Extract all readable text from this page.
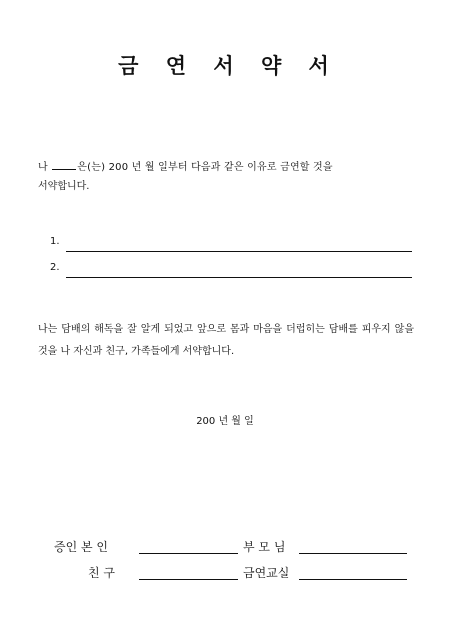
금 연 서 약 서
나	은(는) 200 년 월 일부터 다음과 같은 이유로 금연할 것을
서약합니다.
1.
2.
나는 담배의 해독을 잘 알게 되었고 앞으로 몸과 마음을 더럽히는 담배를 피우지 않을 것을 나 자신과 친구, 가족들에게 서약합니다.
200 년 월 일
증인 본 인	부 모 님
친 구	금연교실
